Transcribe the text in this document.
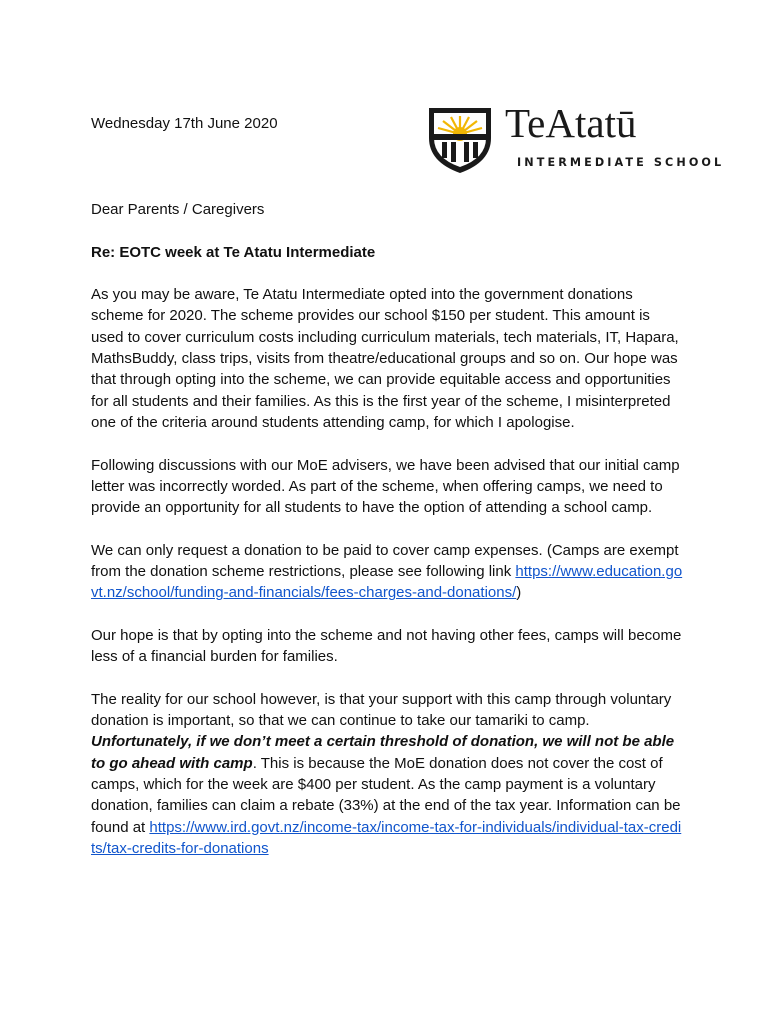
Wednesday 17th June 2020	TeAtatū
INTERMEDIATE SCHOOL

Dear Parents / Caregivers

Re: EOTC week at Te Atatu Intermediate

As you may be aware, Te Atatu Intermediate opted into the government donations scheme for 2020. The scheme provides our school $150 per student. This amount is used to cover curriculum costs including curriculum materials, tech materials, IT, Hapara, MathsBuddy, class trips, visits from theatre/educational groups and so on. Our hope was that through opting into the scheme, we can provide equitable access and opportunities for all students and their families. As this is the first year of the scheme, I misinterpreted one of the criteria around students attending camp, for which I apologise.

Following discussions with our MoE advisers, we have been advised that our initial camp letter was incorrectly worded. As part of the scheme, when offering camps, we need to provide an opportunity for all students to have the option of attending a school camp.

We can only request a donation to be paid to cover camp expenses. (Camps are exempt from the donation scheme restrictions, please see following link https://www.education.govt.nz/school/funding-and-financials/fees-charges-and-donations/)

Our hope is that by opting into the scheme and not having other fees, camps will become less of a financial burden for families.

The reality for our school however, is that your support with this camp through voluntary donation is important, so that we can continue to take our tamariki to camp. Unfortunately, if we don’t meet a certain threshold of donation, we will not be able to go ahead with camp. This is because the MoE donation does not cover the cost of camps, which for the week are $400 per student. As the camp payment is a voluntary donation, families can claim a rebate (33%) at the end of the tax year. Information can be found at https://www.ird.govt.nz/income-tax/income-tax-for-individuals/individual-tax-credits/tax-credits-for-donations
